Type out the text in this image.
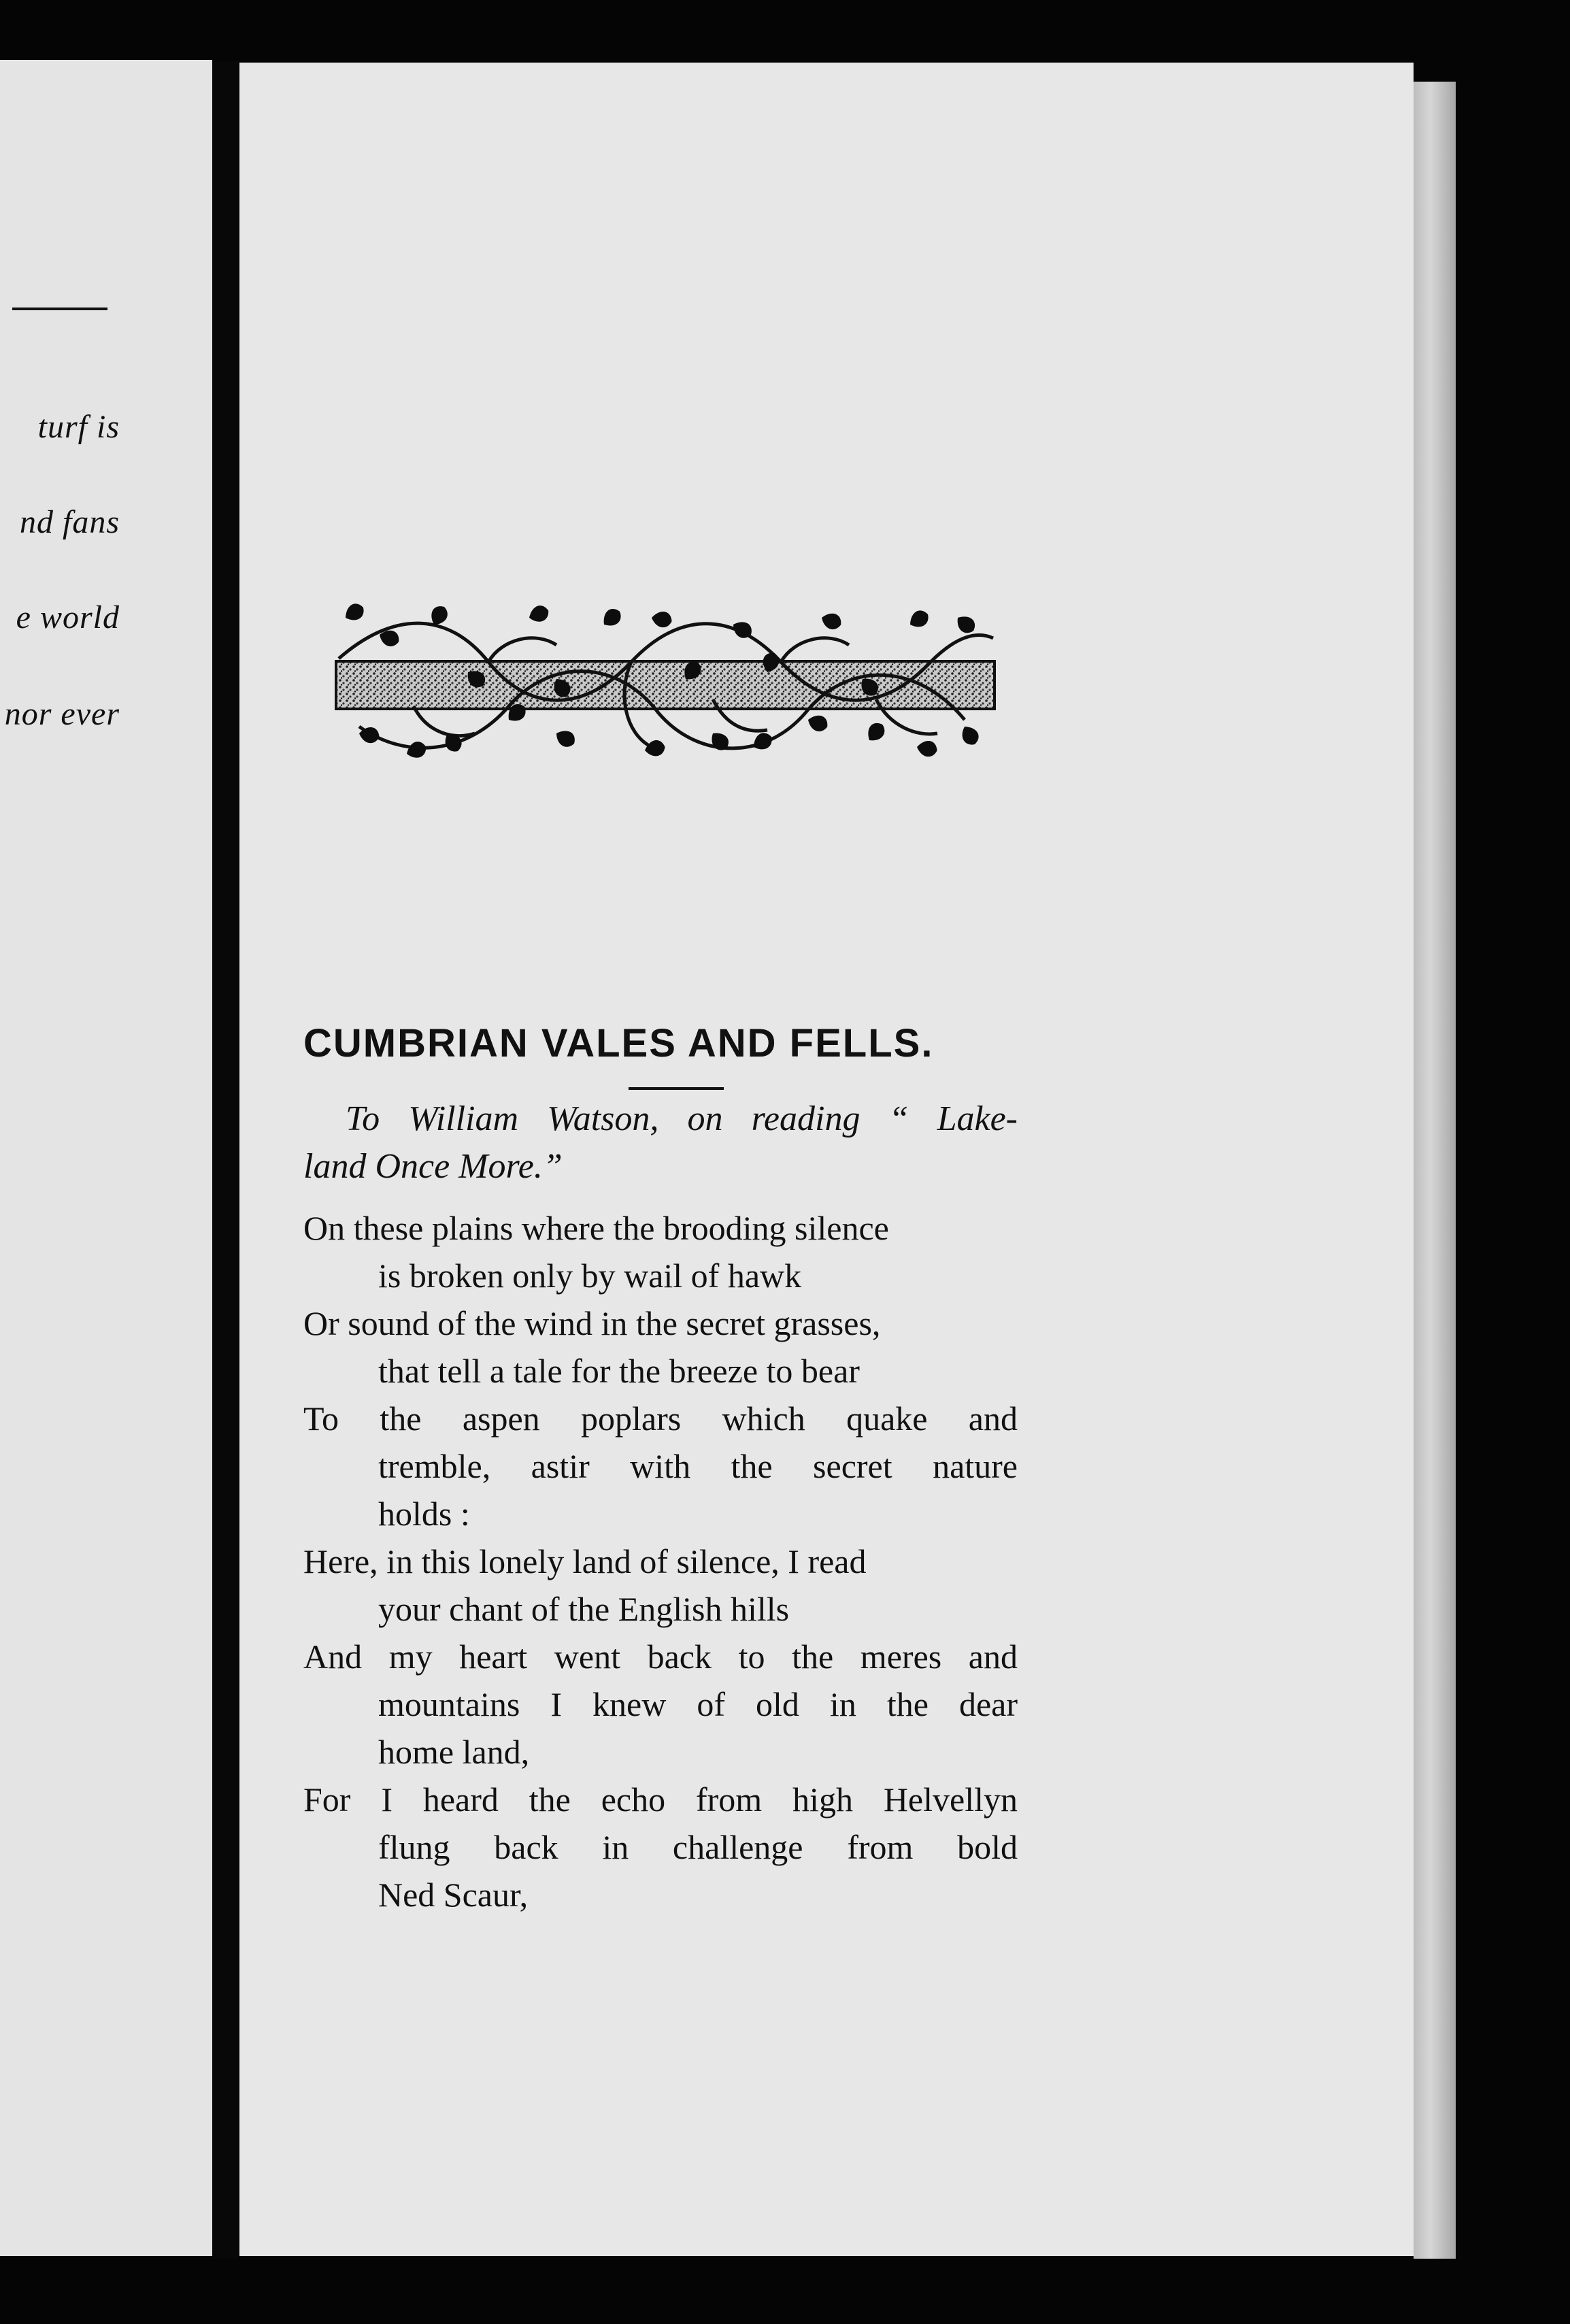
turf is
nd fans
e world
nor ever
CUMBRIAN VALES AND FELLS.
To William Watson, on reading “ Lake-
land Once More.”
On these plains where the brooding silence
is broken only by wail of hawk
Or sound of the wind in the secret grasses,
that tell a tale for the breeze to bear
To the aspen poplars which quake and
tremble, astir with the secret nature
holds :
Here, in this lonely land of silence, I read
your chant of the English hills
And my heart went back to the meres and
mountains I knew of old in the dear
home land,
For I heard the echo from high Helvellyn
flung back in challenge from bold
Ned Scaur,
